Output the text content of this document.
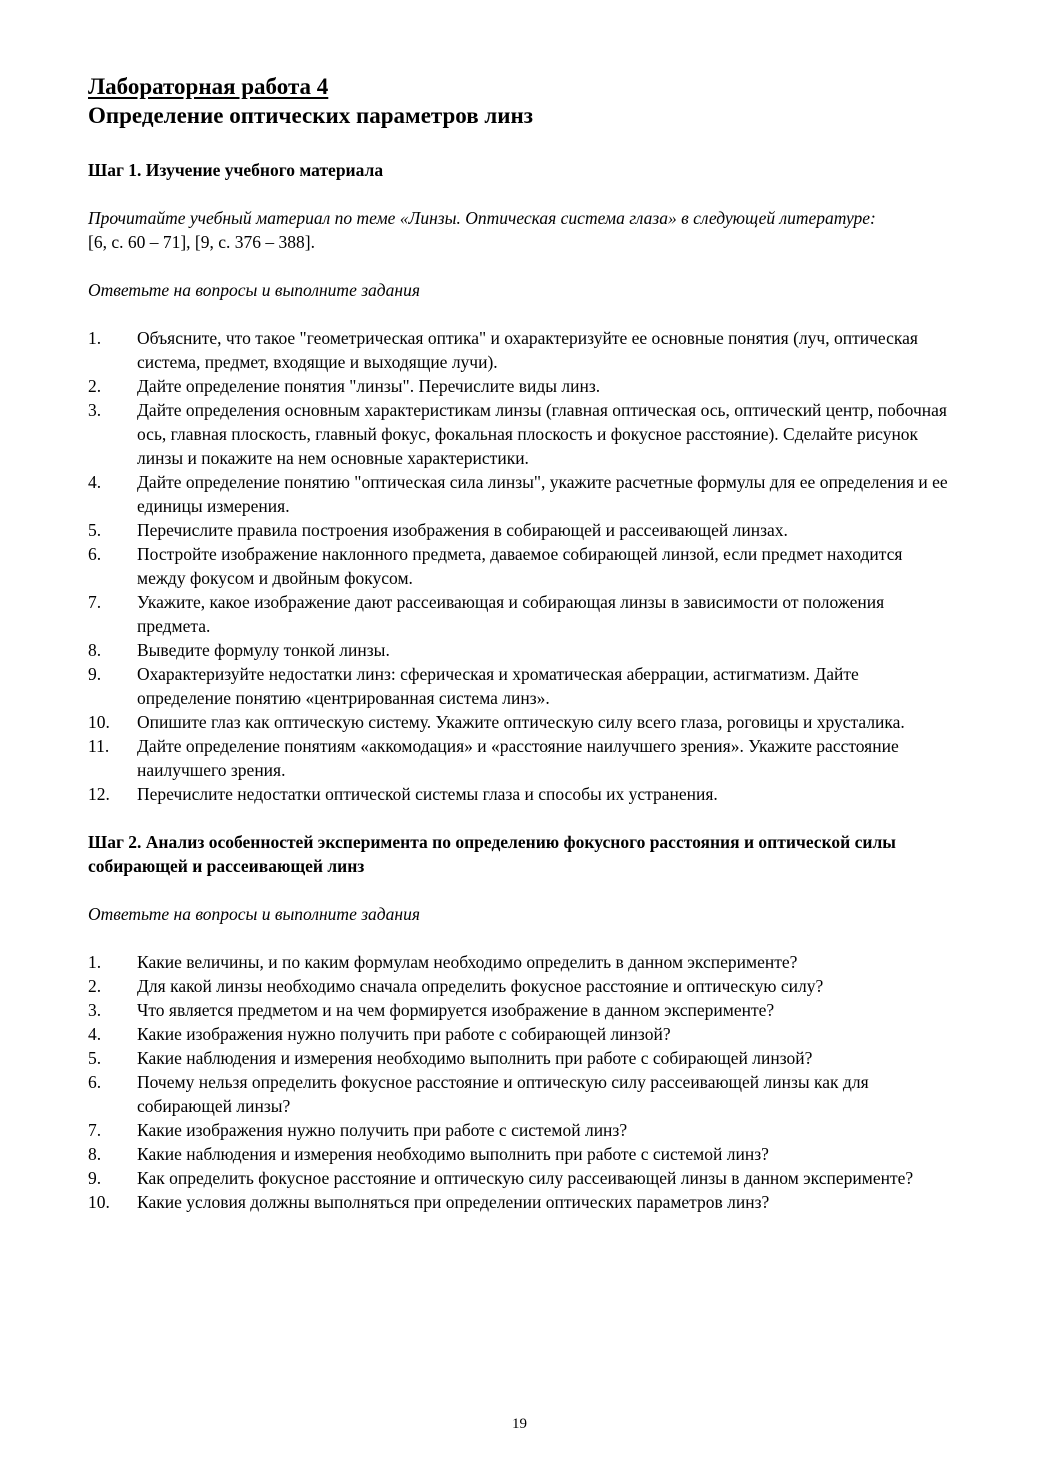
Лабораторная работа 4

Определение оптических параметров линз

Шаг 1. Изучение учебного материала

Прочитайте учебный материал по теме «Линзы. Оптическая система глаза» в следующей литературе:

[6, с. 60 – 71], [9, с. 376 – 388].

Ответьте на вопросы и выполните задания

1. Объясните, что такое "геометрическая оптика" и охарактеризуйте ее основные понятия (луч, оптическая система, предмет, входящие и выходящие лучи).
2. Дайте определение понятия "линзы". Перечислите виды линз.
3. Дайте определения основным характеристикам линзы (главная оптическая ось, оптический центр, побочная ось, главная плоскость, главный фокус, фокальная плоскость и фокусное расстояние). Сделайте рисунок линзы и покажите на нем основные характеристики.
4. Дайте определение понятию "оптическая сила линзы", укажите расчетные формулы для ее определения и ее единицы измерения.
5. Перечислите правила построения изображения в собирающей и рассеивающей линзах.
6. Постройте изображение наклонного предмета, даваемое собирающей линзой, если предмет находится между фокусом и двойным фокусом.
7. Укажите, какое изображение дают рассеивающая и собирающая линзы в зависимости от положения предмета.
8. Выведите формулу тонкой линзы.
9. Охарактеризуйте недостатки линз: сферическая и хроматическая аберрации, астигматизм. Дайте определение понятию «центрированная система линз».
10. Опишите глаз как оптическую систему. Укажите оптическую силу всего глаза, роговицы и хрусталика.
11. Дайте определение понятиям «аккомодация» и «расстояние наилучшего зрения». Укажите расстояние наилучшего зрения.
12. Перечислите недостатки оптической системы глаза и способы их устранения.

Шаг 2. Анализ особенностей эксперимента по определению фокусного расстояния и оптической силы собирающей и рассеивающей линз

Ответьте на вопросы и выполните задания

1. Какие величины, и по каким формулам необходимо определить в данном эксперименте?
2. Для какой линзы необходимо сначала определить фокусное расстояние и оптическую силу?
3. Что является предметом и на чем формируется изображение в данном эксперименте?
4. Какие изображения нужно получить при работе с собирающей линзой?
5. Какие наблюдения и измерения необходимо выполнить при работе с собирающей линзой?
6. Почему нельзя определить фокусное расстояние и оптическую силу рассеивающей линзы как для собирающей линзы?
7. Какие изображения нужно получить при работе с системой линз?
8. Какие наблюдения и измерения необходимо выполнить при работе с системой линз?
9. Как определить фокусное расстояние и оптическую силу рассеивающей линзы в данном эксперименте?
10. Какие условия должны выполняться при определении оптических параметров линз?
19
